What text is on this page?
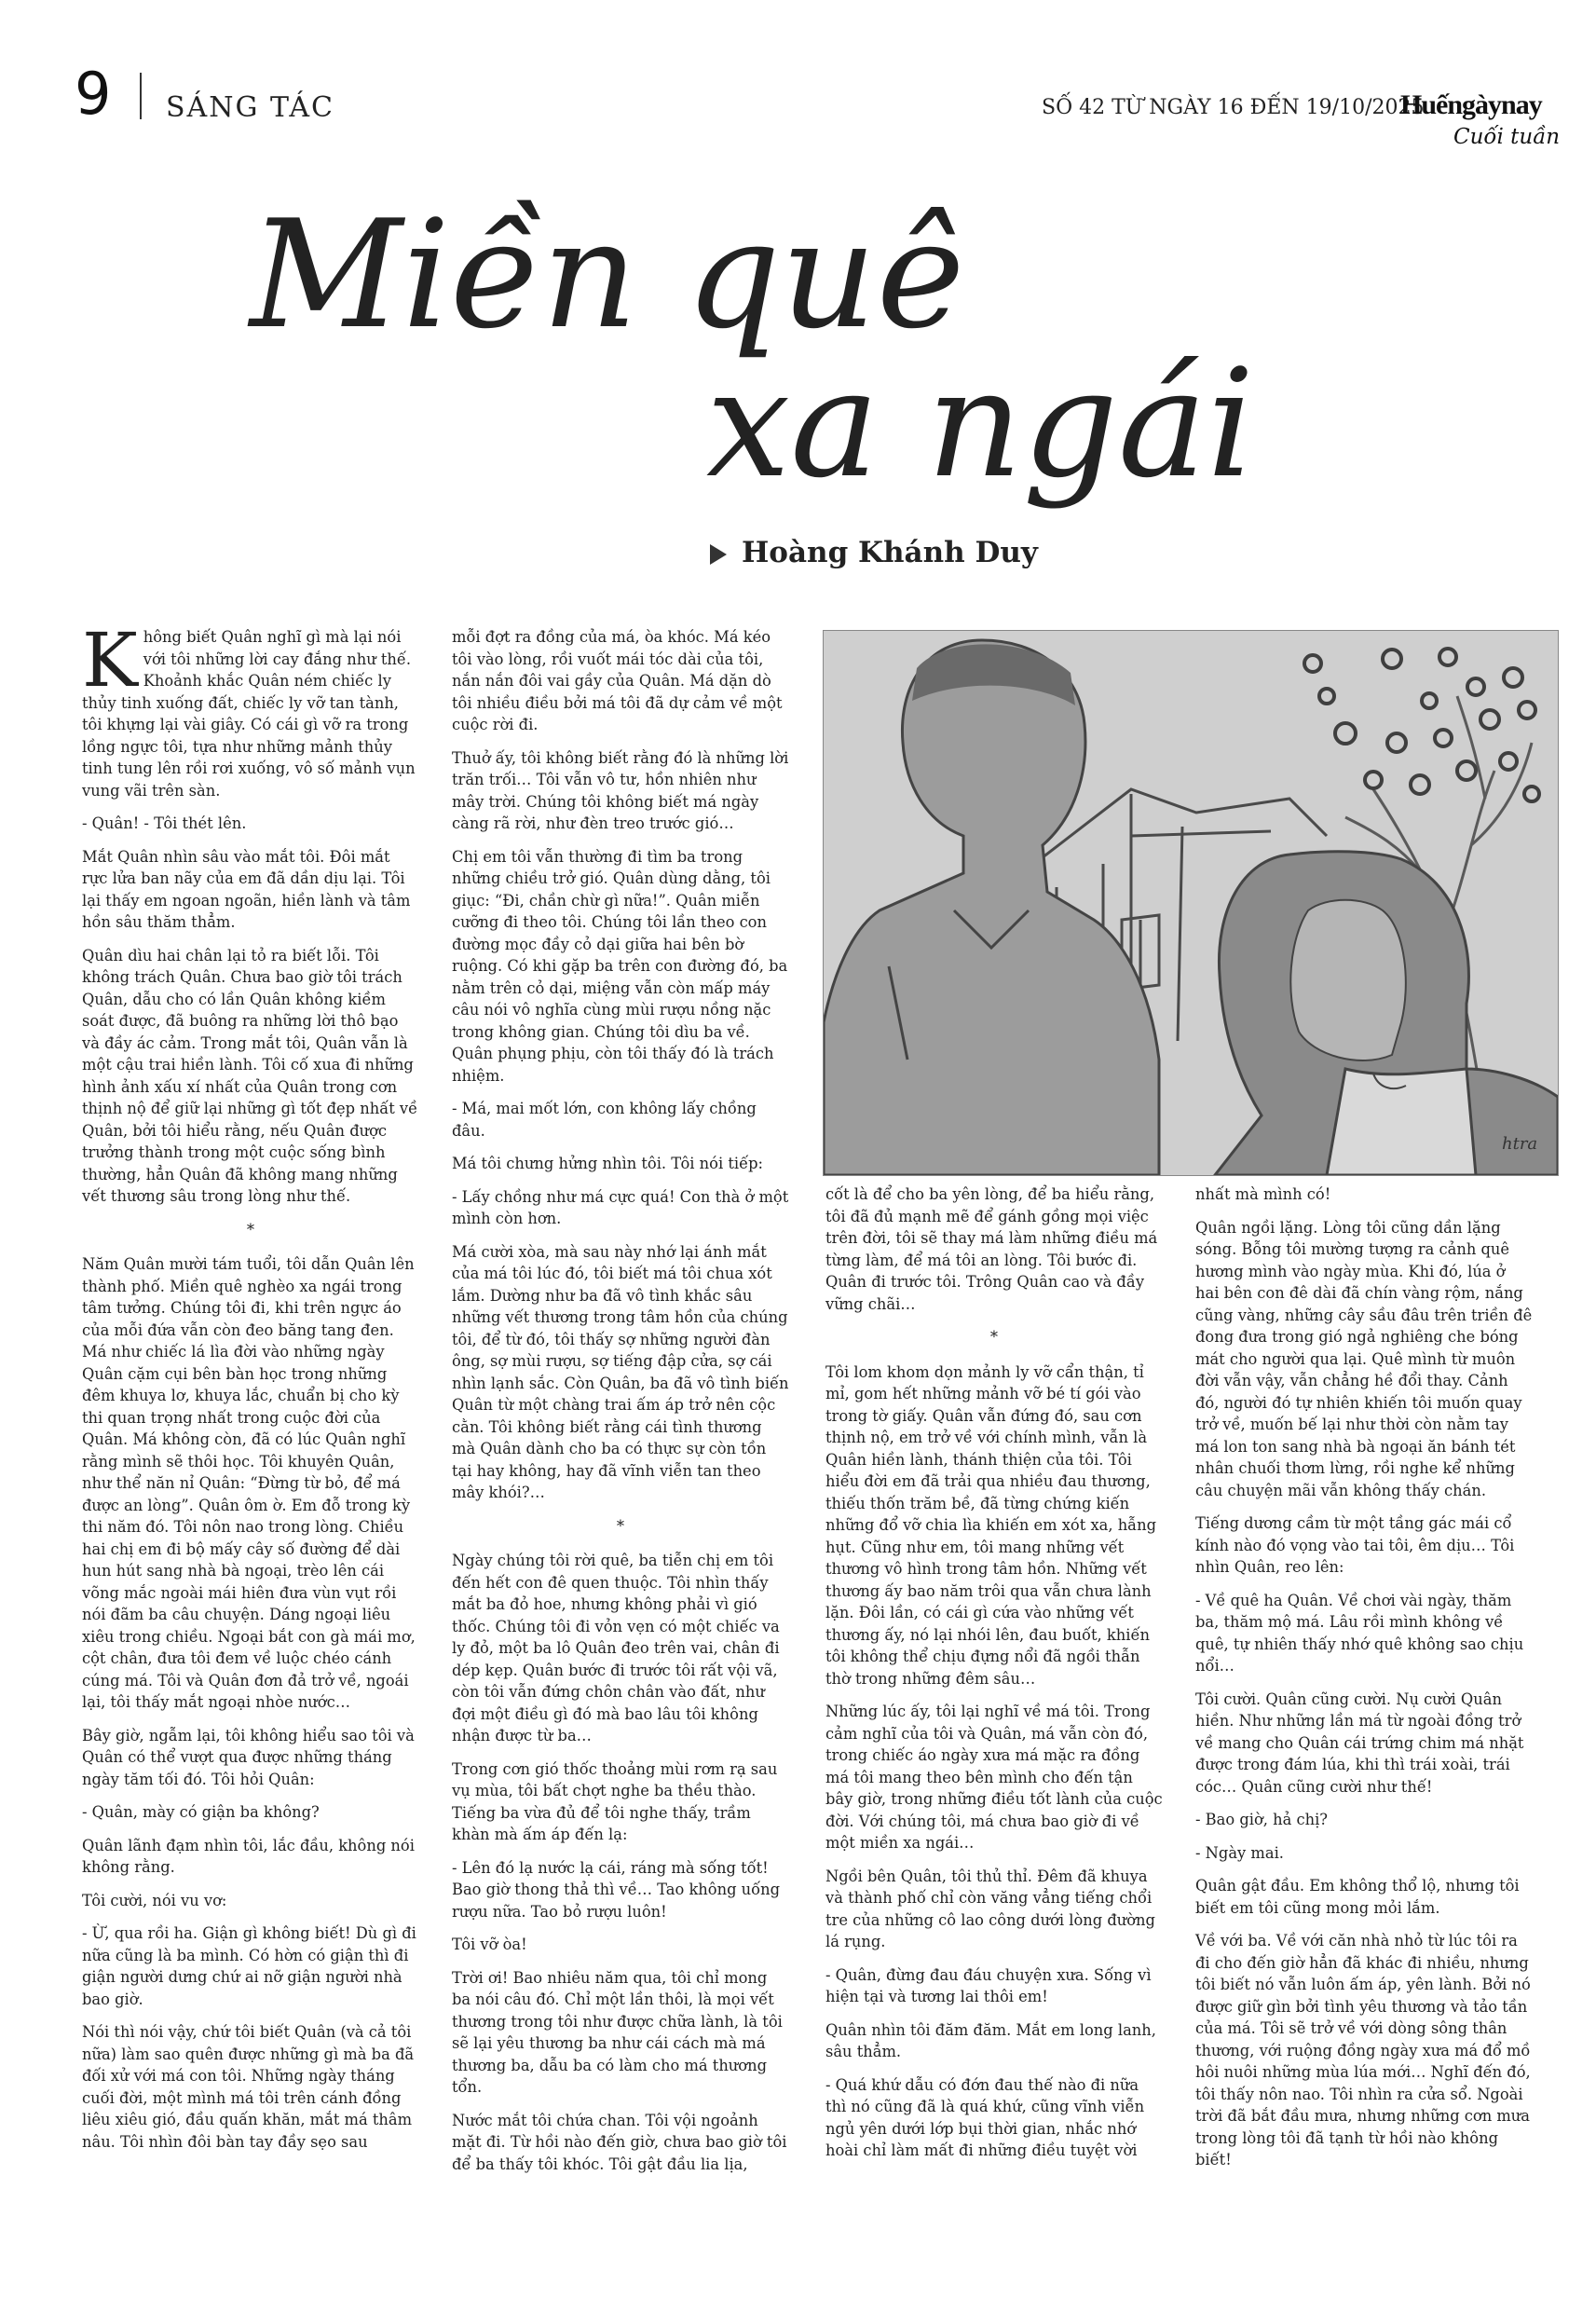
9 SÁNG TÁC	SỐ 42 TỪ NGÀY 16 ĐẾN 19/10/2025
Huếngàynay
Cuối tuần
Miền quê
xa ngái
Hoàng Khánh Duy

Không biết Quân nghĩ gì mà lại nói với tôi những lời cay đắng như thế. Khoảnh khắc Quân ném chiếc ly thủy tinh xuống đất, chiếc ly vỡ tan tành, tôi khựng lại vài giây. Có cái gì vỡ ra trong lồng ngực tôi, tựa như những mảnh thủy tinh tung lên rồi rơi xuống, vô số mảnh vụn vung vãi trên sàn.

- Quân! - Tôi thét lên.

Mắt Quân nhìn sâu vào mắt tôi. Đôi mắt rực lửa ban nãy của em đã dần dịu lại. Tôi lại thấy em ngoan ngoãn, hiền lành và tâm hồn sâu thăm thẳm.

Quân dìu hai chân lại tỏ ra biết lỗi. Tôi không trách Quân. Chưa bao giờ tôi trách Quân, dẫu cho có lần Quân không kiềm soát được, đã buông ra những lời thô bạo và đầy ác cảm. Trong mắt tôi, Quân vẫn là một cậu trai hiền lành. Tôi cố xua đi những hình ảnh xấu xí nhất của Quân trong cơn thịnh nộ để giữ lại những gì tốt đẹp nhất về Quân, bởi tôi hiểu rằng, nếu Quân được trưởng thành trong một cuộc sống bình thường, hẳn Quân đã không mang những vết thương sâu trong lòng như thế.

*

Năm Quân mười tám tuổi, tôi dẫn Quân lên thành phố. Miền quê nghèo xa ngái trong tâm tưởng. Chúng tôi đi, khi trên ngực áo của mỗi đứa vẫn còn đeo băng tang đen. Má như chiếc lá lìa đời vào những ngày Quân cặm cụi bên bàn học trong những đêm khuya lơ, khuya lắc, chuẩn bị cho kỳ thi quan trọng nhất trong cuộc đời của Quân. Má không còn, đã có lúc Quân nghĩ rằng mình sẽ thôi học. Tôi khuyên Quân, như thể năn nỉ Quân: “Đừng từ bỏ, để má được an lòng”. Quân ôm ờ. Em đỗ trong kỳ thi năm đó. Tôi nôn nao trong lòng. Chiều hai chị em đi bộ mấy cây số đường để dài hun hút sang nhà bà ngoại, trèo lên cái võng mắc ngoài mái hiên đưa vùn vụt rồi nói đãm ba câu chuyện. Dáng ngoại liêu xiêu trong chiều. Ngoại bắt con gà mái mơ, cột chân, đưa tôi đem về luộc chéo cánh cúng má. Tôi và Quân đơn đả trở về, ngoái lại, tôi thấy mắt ngoại nhòe nước…

Bây giờ, ngẫm lại, tôi không hiểu sao tôi và Quân có thể vượt qua được những tháng ngày tăm tối đó. Tôi hỏi Quân:

- Quân, mày có giận ba không?

Quân lãnh đạm nhìn tôi, lắc đầu, không nói không rằng.

Tôi cười, nói vu vơ:

- Ừ, qua rồi ha. Giận gì không biết! Dù gì đi nữa cũng là ba mình. Có hờn có giận thì đi giận người dưng chứ ai nỡ giận người nhà bao giờ.

Nói thì nói vậy, chứ tôi biết Quân (và cả tôi nữa) làm sao quên được những gì mà ba đã đối xử với má con tôi. Những ngày tháng cuối đời, một mình má tôi trên cánh đồng liêu xiêu gió, đầu quấn khăn, mắt má thâm nâu. Tôi nhìn đôi bàn tay đầy sẹo sau

mỗi đợt ra đồng của má, òa khóc. Má kéo tôi vào lòng, rồi vuốt mái tóc dài của tôi, nắn nắn đôi vai gầy của Quân. Má dặn dò tôi nhiều điều bởi má tôi đã dự cảm về một cuộc rời đi.

Thuở ấy, tôi không biết rằng đó là những lời trăn trối… Tôi vẫn vô tư, hồn nhiên như mây trời. Chúng tôi không biết má ngày càng rã rời, như đèn treo trước gió…

Chị em tôi vẫn thường đi tìm ba trong những chiều trở gió. Quân dùng dằng, tôi giục: “Đi, chần chừ gì nữa!”. Quân miễn cưỡng đi theo tôi. Chúng tôi lần theo con đường mọc đầy cỏ dại giữa hai bên bờ ruộng. Có khi gặp ba trên con đường đó, ba nằm trên cỏ dại, miệng vẫn còn mấp máy câu nói vô nghĩa cùng mùi rượu nồng nặc trong không gian. Chúng tôi dìu ba về. Quân phụng phịu, còn tôi thấy đó là trách nhiệm.

- Má, mai mốt lớn, con không lấy chồng đâu.

Má tôi chưng hửng nhìn tôi. Tôi nói tiếp:

- Lấy chồng như má cực quá! Con thà ở một mình còn hơn.

Má cười xòa, mà sau này nhớ lại ánh mắt của má tôi lúc đó, tôi biết má tôi chua xót lắm. Dường như ba đã vô tình khắc sâu những vết thương trong tâm hồn của chúng tôi, để từ đó, tôi thấy sợ những người đàn ông, sợ mùi rượu, sợ tiếng đập cửa, sợ cái nhìn lạnh sắc. Còn Quân, ba đã vô tình biến Quân từ một chàng trai ấm áp trở nên cộc cằn. Tôi không biết rằng cái tình thương mà Quân dành cho ba có thực sự còn tồn tại hay không, hay đã vĩnh viễn tan theo mây khói?…

*

Ngày chúng tôi rời quê, ba tiễn chị em tôi đến hết con đê quen thuộc. Tôi nhìn thấy mắt ba đỏ hoe, nhưng không phải vì gió thốc. Chúng tôi đi vỏn vẹn có một chiếc va ly đỏ, một ba lô Quân đeo trên vai, chân đi dép kẹp. Quân bước đi trước tôi rất vội vã, còn tôi vẫn đứng chôn chân vào đất, như đợi một điều gì đó mà bao lâu tôi không nhận được từ ba…

Trong cơn gió thốc thoảng mùi rơm rạ sau vụ mùa, tôi bất chợt nghe ba thều thào. Tiếng ba vừa đủ để tôi nghe thấy, trầm khàn mà ấm áp đến lạ:

- Lên đó lạ nước lạ cái, ráng mà sống tốt! Bao giờ thong thả thì về… Tao không uống rượu nữa. Tao bỏ rượu luôn!

Tôi vỡ òa!

Trời ơi! Bao nhiêu năm qua, tôi chỉ mong ba nói câu đó. Chỉ một lần thôi, là mọi vết thương trong tôi như được chữa lành, là tôi sẽ lại yêu thương ba như cái cách mà má thương ba, dẫu ba có làm cho má thương tổn.

Nước mắt tôi chứa chan. Tôi vội ngoảnh mặt đi. Từ hồi nào đến giờ, chưa bao giờ tôi để ba thấy tôi khóc. Tôi gật đầu lia lịa,

htra

cốt là để cho ba yên lòng, để ba hiểu rằng, tôi đã đủ mạnh mẽ để gánh gồng mọi việc trên đời, tôi sẽ thay má làm những điều má từng làm, để má tôi an lòng. Tôi bước đi. Quân đi trước tôi. Trông Quân cao và đầy vững chãi…

*

Tôi lom khom dọn mảnh ly vỡ cẩn thận, tỉ mỉ, gom hết những mảnh vỡ bé tí gói vào trong tờ giấy. Quân vẫn đứng đó, sau cơn thịnh nộ, em trở về với chính mình, vẫn là Quân hiền lành, thánh thiện của tôi. Tôi hiểu đời em đã trải qua nhiều đau thương, thiếu thốn trăm bề, đã từng chứng kiến những đổ vỡ chia lìa khiến em xót xa, hẫng hụt. Cũng như em, tôi mang những vết thương vô hình trong tâm hồn. Những vết thương ấy bao năm trôi qua vẫn chưa lành lặn. Đôi lần, có cái gì cứa vào những vết thương ấy, nó lại nhói lên, đau buốt, khiến tôi không thể chịu đựng nổi đã ngồi thẫn thờ trong những đêm sâu…

Những lúc ấy, tôi lại nghĩ về má tôi. Trong cảm nghĩ của tôi và Quân, má vẫn còn đó, trong chiếc áo ngày xưa má mặc ra đồng má tôi mang theo bên mình cho đến tận bây giờ, trong những điều tốt lành của cuộc đời. Với chúng tôi, má chưa bao giờ đi về một miền xa ngái…

Ngồi bên Quân, tôi thủ thỉ. Đêm đã khuya và thành phố chỉ còn văng vẳng tiếng chổi tre của những cô lao công dưới lòng đường lá rụng.

- Quân, đừng đau đáu chuyện xưa. Sống vì hiện tại và tương lai thôi em!

Quân nhìn tôi đăm đăm. Mắt em long lanh, sâu thẳm.

- Quá khứ dẫu có đớn đau thế nào đi nữa thì nó cũng đã là quá khứ, cũng vĩnh viễn ngủ yên dưới lớp bụi thời gian, nhắc nhớ hoài chỉ làm mất đi những điều tuyệt vời

nhất mà mình có!

Quân ngồi lặng. Lòng tôi cũng dần lặng sóng. Bỗng tôi mường tượng ra cảnh quê hương mình vào ngày mùa. Khi đó, lúa ở hai bên con đê dài đã chín vàng rộm, nắng cũng vàng, những cây sầu đâu trên triền đê đong đưa trong gió ngả nghiêng che bóng mát cho người qua lại. Quê mình từ muôn đời vẫn vậy, vẫn chẳng hề đổi thay. Cảnh đó, người đó tự nhiên khiến tôi muốn quay trở về, muốn bế lại như thời còn nằm tay má lon ton sang nhà bà ngoại ăn bánh tét nhân chuối thơm lừng, rồi nghe kể những câu chuyện mãi vẫn không thấy chán.

Tiếng dương cầm từ một tầng gác mái cổ kính nào đó vọng vào tai tôi, êm dịu… Tôi nhìn Quân, reo lên:

- Về quê ha Quân. Về chơi vài ngày, thăm ba, thăm mộ má. Lâu rồi mình không về quê, tự nhiên thấy nhớ quê không sao chịu nổi…

Tôi cười. Quân cũng cười. Nụ cười Quân hiền. Như những lần má từ ngoài đồng trở về mang cho Quân cái trứng chim má nhặt được trong đám lúa, khi thì trái xoài, trái cóc… Quân cũng cười như thế!

- Bao giờ, hả chị?

- Ngày mai.

Quân gật đầu. Em không thổ lộ, nhưng tôi biết em tôi cũng mong mỏi lắm.

Về với ba. Về với căn nhà nhỏ từ lúc tôi ra đi cho đến giờ hẳn đã khác đi nhiều, nhưng tôi biết nó vẫn luôn ấm áp, yên lành. Bởi nó được giữ gìn bởi tình yêu thương và tảo tần của má. Tôi sẽ trở về với dòng sông thân thương, với ruộng đồng ngày xưa má đổ mồ hôi nuôi những mùa lúa mới… Nghĩ đến đó, tôi thấy nôn nao. Tôi nhìn ra cửa sổ. Ngoài trời đã bắt đầu mưa, nhưng những cơn mưa trong lòng tôi đã tạnh từ hồi nào không biết!
